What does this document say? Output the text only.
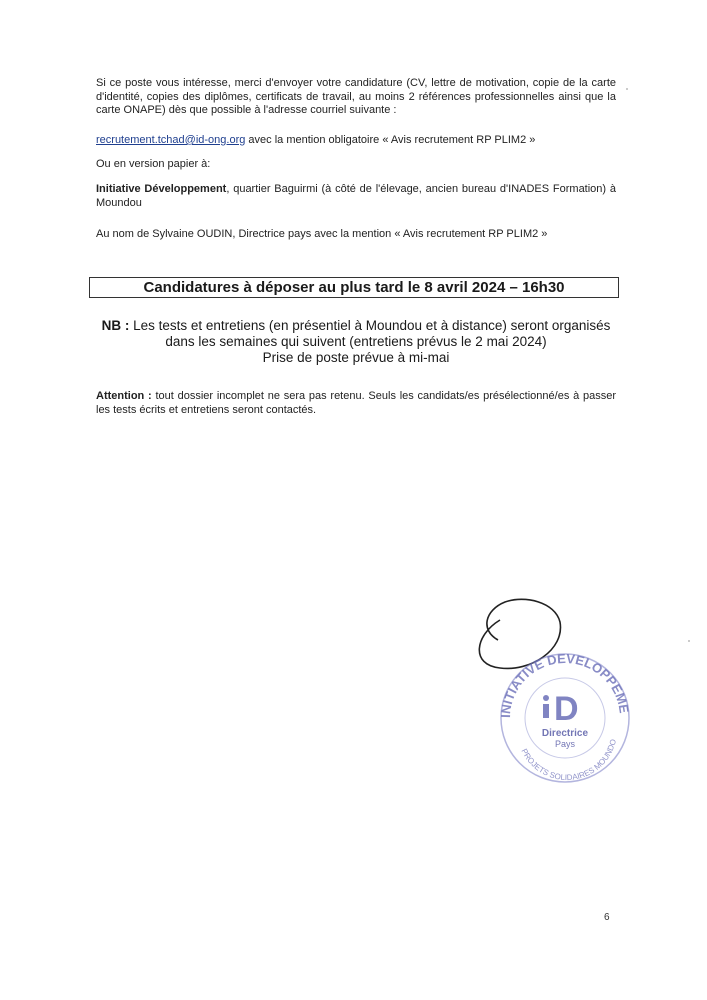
Si ce poste vous intéresse, merci d'envoyer votre candidature (CV, lettre de motivation, copie de la carte d'identité, copies des diplômes, certificats de travail, au moins 2 références professionnelles ainsi que la carte ONAPE) dès que possible à l'adresse courriel suivante :

recrutement.tchad@id-ong.org avec la mention obligatoire « Avis recrutement RP PLIM2 »

Ou en version papier à:

Initiative Développement, quartier Baguirmi (à côté de l'élevage, ancien bureau d'INADES Formation) à Moundou

Au nom de Sylvaine OUDIN, Directrice pays avec la mention « Avis recrutement RP PLIM2 »

Candidatures à déposer au plus tard le 8 avril 2024 – 16h30
NB : Les tests et entretiens (en présentiel à Moundou et à distance) seront organisés dans les semaines qui suivent (entretiens prévus le 2 mai 2024)
Prise de poste prévue à mi-mai

Attention : tout dossier incomplet ne sera pas retenu. Seuls les candidats/es présélectionné/es à passer les tests écrits et entretiens seront contactés.

INITIATIVE DEVELOPPEME
PROJETS SOLIDAIRES MOUNDO
D
Directrice
Pays
6
